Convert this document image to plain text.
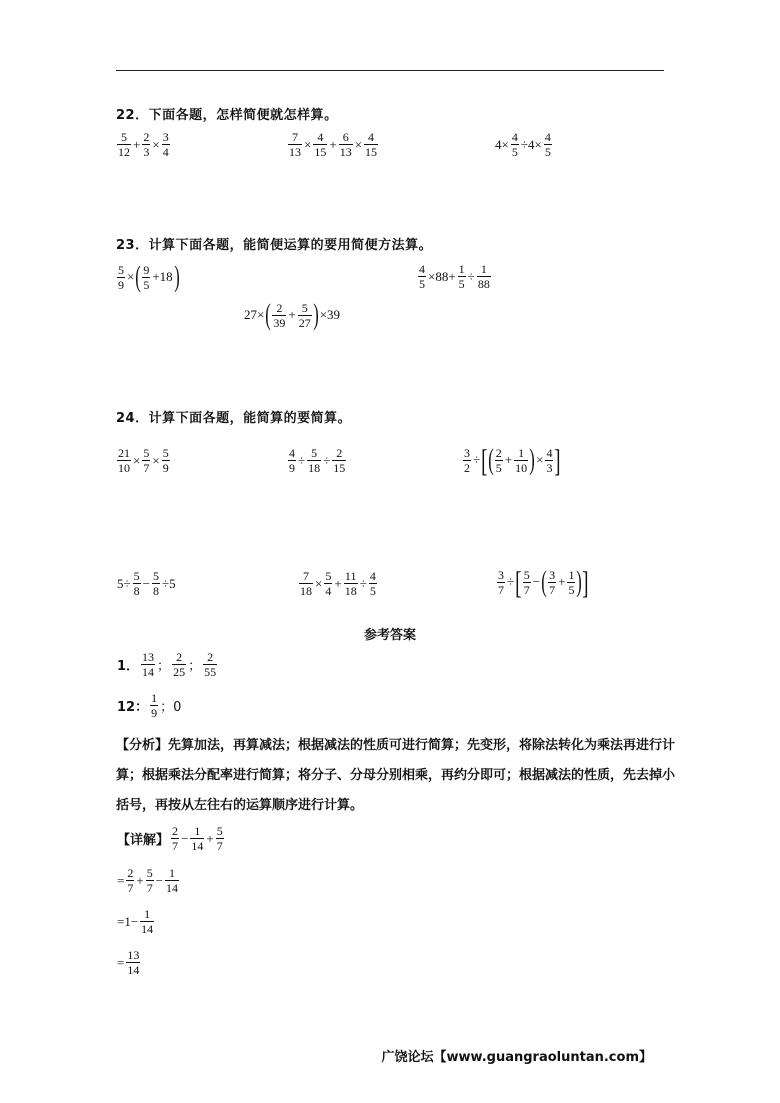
22．下面各题，怎样简便就怎样算。
$\frac{5}{12} + \frac{2}{3} \times \frac{3}{4}$	$\frac{7}{13} \times \frac{4}{15} + \frac{6}{13} \times \frac{4}{15}$	$4\times \frac{4}{5} \div 4\times \frac{4}{5}$
23．计算下面各题，能简便运算的要用简便方法算。
$\frac{5}{9}$ × ( $\frac{9}{5} +18$ )	$\frac{4}{5} \times 88+ \frac{1}{5} \div \frac{1}{88}$
27× ( $\frac{2}{39} + \frac{5}{27}$ ) ×39
24．计算下面各题，能简算的要简算。
$\frac{21}{10} \times \frac{5}{7} \times \frac{5}{9}$	$\frac{4}{9} \div \frac{5}{18} \div \frac{2}{15}$	$\frac{3}{2}$ ÷ [ ( $\frac{2}{5} + \frac{1}{10}$ ) × $\frac{4}{3}$ ]
$5\div \frac{5}{8} - \frac{5}{8} \div 5$	$\frac{7}{18} \times \frac{5}{4} + \frac{11}{18} \div \frac{4}{5}$	$\frac{3}{7}$ ÷ [ $\frac{5}{7}$ − ( $\frac{3}{7} + \frac{1}{5}$ ) ]
参考答案
1． $\frac{13}{14}$ ； $\frac{2}{25}$ ； $\frac{2}{55}$
12： $\frac{1}{9}$ ；0
【分析】先算加法，再算减法；根据减法的性质可进行简算；先变形，将除法转化为乘法再进行计算；根据乘法分配率进行简算；将分子、分母分别相乘，再约分即可；根据减法的性质，先去掉小括号，再按从左往右的运算顺序进行计算。
【详解】 $\frac{2}{7} - \frac{1}{14} + \frac{5}{7}$
= $\frac{2}{7} + \frac{5}{7} - \frac{1}{14}$
$=1- \frac{1}{14}$
= $\frac{13}{14}$
广饶论坛【www.guangraoluntan.com】
